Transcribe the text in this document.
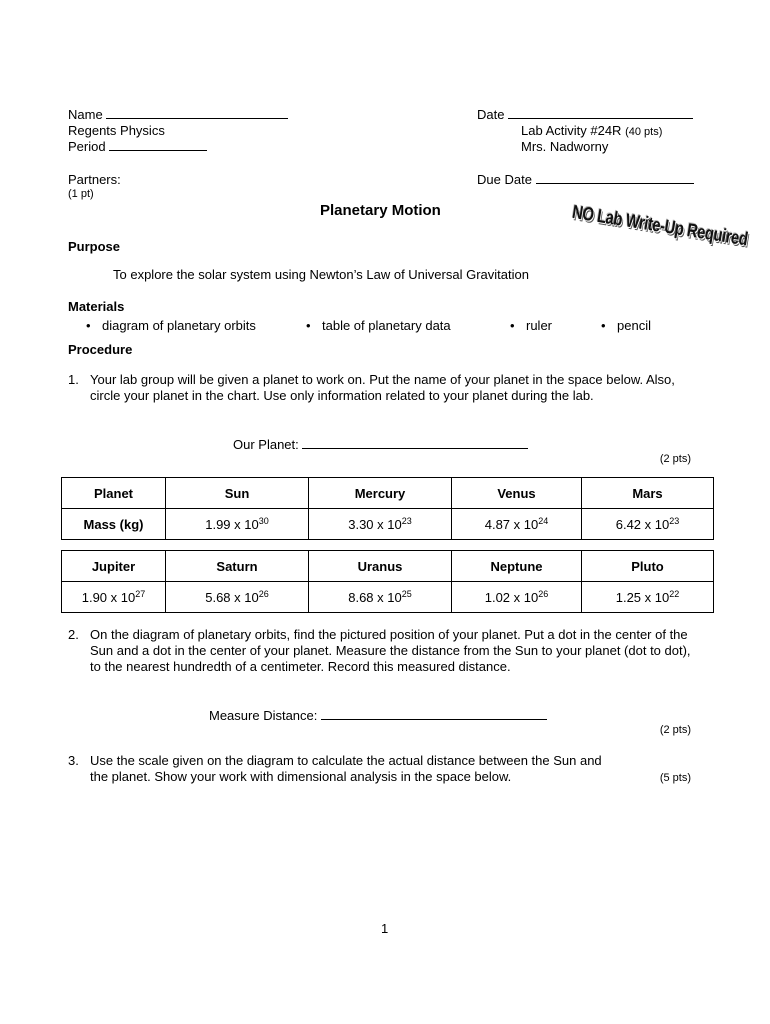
Name
Regents Physics
Period
Date
Lab Activity #24R (40 pts)
Mrs. Nadworny
Partners:
(1 pt)
Due Date
Planetary Motion	NO Lab Write-Up Required
Purpose
To explore the solar system using Newton’s Law of Universal Gravitation
Materials
• diagram of planetary orbits	• table of planetary data	• ruler	• pencil
Procedure
1. Your lab group will be given a planet to work on. Put the name of your planet in the space below. Also, circle your planet in the chart. Use only information related to your planet during the lab.
Our Planet:
(2 pts)
Planet	Sun	Mercury	Venus	Mars
Mass (kg)	1.99 x $10^{30}$	3.30 x $10^{23}$	4.87 x $10^{24}$	6.42 x $10^{23}$
Jupiter	Saturn	Uranus	Neptune	Pluto
1.90 x $10^{27}$	5.68 x $10^{26}$	8.68 x $10^{25}$	1.02 x $10^{26}$	1.25 x $10^{22}$
2. On the diagram of planetary orbits, find the pictured position of your planet. Put a dot in the center of the Sun and a dot in the center of your planet. Measure the distance from the Sun to your planet (dot to dot), to the nearest hundredth of a centimeter. Record this measured distance.
Measure Distance:
(2 pts)
3. Use the scale given on the diagram to calculate the actual distance between the Sun and the planet. Show your work with dimensional analysis in the space below.	(5 pts)
1
